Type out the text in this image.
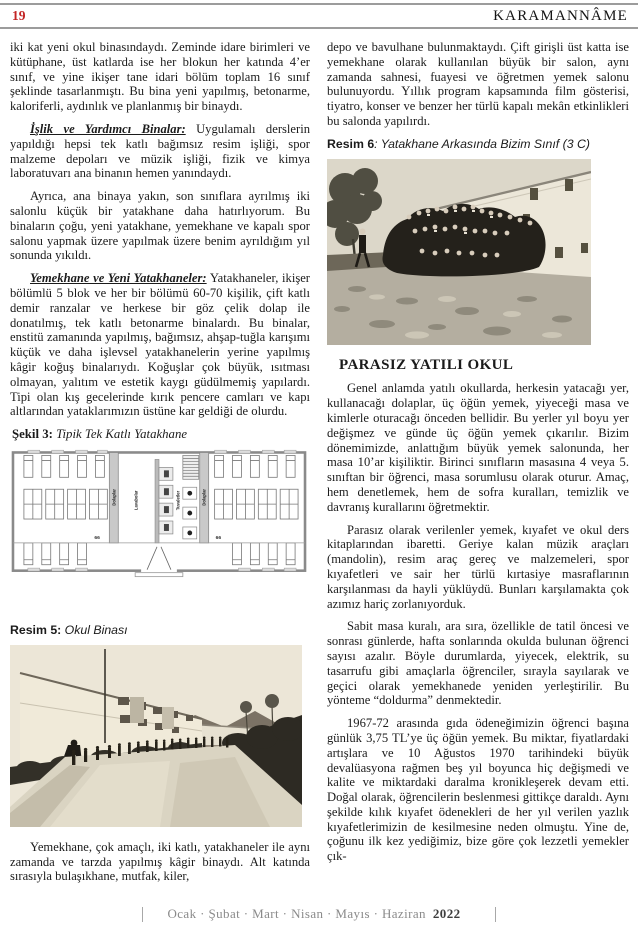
19	KARAMANNÂME

iki kat yeni okul binasındaydı. Zeminde idare birimleri ve kütüphane, üst katlarda ise her blokun her katında 4’er sınıf, ve yine ikişer tane idari bölüm toplam 16 sınıf şeklinde tasarlanmıştı. Bu bina yeni yapılmış, betonarme, kaloriferli, aydınlık ve planlanmış bir binaydı.

İşlik ve Yardımcı Binalar: Uygulamalı derslerin yapıldığı hepsi tek katlı bağımsız resim işliği, spor malzeme depoları ve müzik işliği, fizik ve kimya laboratuvarı ana binanın hemen yanındaydı.

Ayrıca, ana binaya yakın, son sınıflara ayrılmış iki salonlu küçük bir yatakhane daha hatırlıyorum. Bu binaların çoğu, yeni yatakhane, yemekhane ve kapalı spor salonu yapmak üzere yapılmak üzere benim ayrıldığım yıl sonunda yıkıldı.

Yemekhane ve Yeni Yatakhaneler: Yatakhaneler, ikişer bölümlü 5 blok ve her bir bölümü 60-70 kişilik, çift katlı demir ranzalar ve herkese bir göz çelik dolap ile donatılmış, tek katlı betonarme binalardı. Bu binalar, enstitü zamanında yapılmış, bağımsız, ahşap-tuğla karışımı küçük ve daha işlevsel yatakhanelerin yerine yapılmış kâgir koğuş binalarıydı. Koğuşlar çok büyük, ısıtması olmayan, yalıtım ve estetik kaygı güdülmemiş yapılardı. Tipi olan kış gecelerinde kırık pencere camları ve kapı altlarından yataklarımızın üstüne kar geldiği de olurdu.

Şekil 3: Tipik Tek Katlı Yatakhane
Dolaplar	Lavabolar	Tuvaletler	Dolaplar
66	66
Resim 5: Okul Binası

Yemekhane, çok amaçlı, iki katlı, yatakhaneler ile aynı zamanda ve tarzda yapılmış kâgir binaydı. Alt katında sırasıyla bulaşıkhane, mutfak, kiler,

depo ve bavulhane bulunmaktaydı. Çift girişli üst katta ise yemekhane olarak kullanılan büyük bir salon, aynı zamanda sahnesi, fuayesi ve öğretmen yemek salonu bulunuyordu. Yıllık program kapsamında film gösterisi, tiyatro, konser ve benzer her türlü kapalı mekân etkinlikleri bu salonda yapılırdı.

Resim 6: Yatakhane Arkasında Bizim Sınıf (3 C)
PARASIZ YATILI OKUL

Genel anlamda yatılı okullarda, herkesin yatacağı yer, kullanacağı dolaplar, üç öğün yemek, yiyeceği masa ve kimlerle oturacağı önceden bellidir. Bu yerler yıl boyu yer değişmez ve günde üç öğün yemek çıkarılır. Bizim dönemimizde, anlattığım büyük yemek salonunda, her masa 10’ar kişiliktir. Birinci sınıfların masasına 4 veya 5. sınıftan bir öğrenci, masa sorumlusu olarak oturur. Amaç, hem denetlemek, hem de sofra kuralları, temizlik ve davranış kurallarını öğretmektir.

Parasız olarak verilenler yemek, kıyafet ve okul ders kitaplarından ibaretti. Geriye kalan müzik araçları (mandolin), resim araç gereç ve malzemeleri, spor kıyafetleri ve sair her türlü kırtasiye masraflarının karşılanması da hayli yüklüydü. Bunları karşılamakta çok azımız hariç zorlanıyorduk.

Sabit masa kuralı, ara sıra, özellikle de tatil öncesi ve sonrası günlerde, hafta sonlarında okulda bulunan öğrenci sayısı azalır. Böyle durumlarda, yiyecek, elektrik, su tasarrufu gibi amaçlarla öğrenciler, sırayla sayılarak ve geçici olarak yemekhanede yeniden yerleştirilir. Bu yönteme “doldurma” denmektedir.

1967-72 arasında gıda ödeneğimizin öğrenci başına günlük 3,75 TL’ye üç öğün yemek. Bu miktar, fiyatlardaki artışlara ve 10 Ağustos 1970 tarihindeki büyük devalüasyona rağmen beş yıl boyunca hiç değişmedi ve kalite ve miktardaki daralma kronikleşerek devam etti. Doğal olarak, öğrencilerin beslenmesi gittikçe daraldı. Aynı şekilde kılık kıyafet ödenekleri de her yıl verilen yazlık kıyafetlerimizin de kesilmesine neden olmuştu. Yine de, çoğunu ilk kez yediğimiz, bize göre çok lezzetli yemekler çık-

Ocak · Şubat · Mart · Nisan · Mayıs · Haziran 2022
